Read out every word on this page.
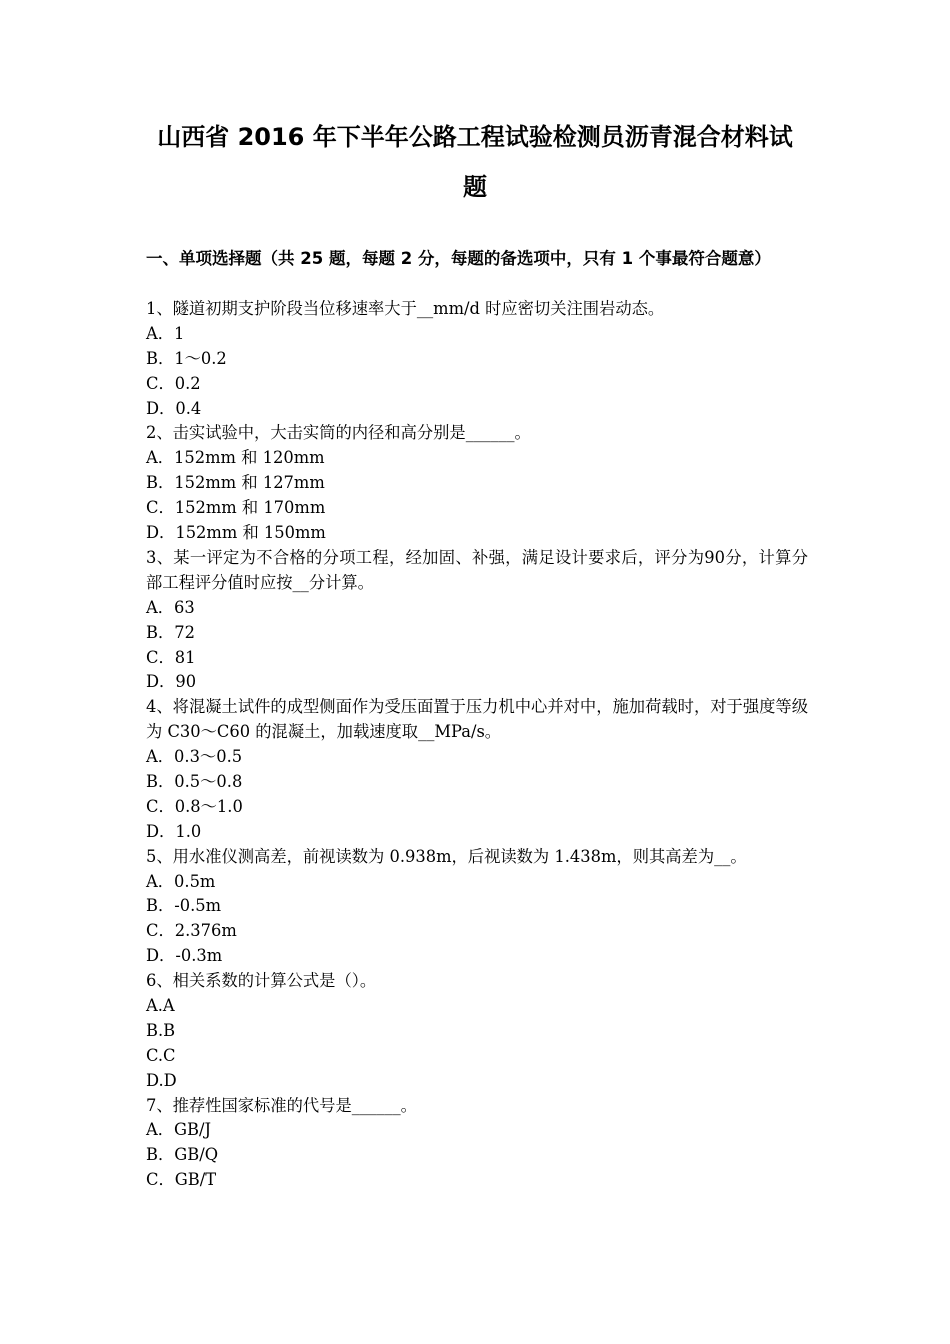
山西省 2016 年下半年公路工程试验检测员沥青混合材料试
题
一、单项选择题（共 25 题，每题 2 分，每题的备选项中，只有 1 个事最符合题意）
1、隧道初期支护阶段当位移速率大于__mm/d 时应密切关注围岩动态。
A．1
B．1～0.2
C．0.2
D．0.4
2、击实试验中，大击实筒的内径和高分别是______。
A．152mm 和 120mm
B．152mm 和 127mm
C．152mm 和 170mm
D．152mm 和 150mm
3、某一评定为不合格的分项工程，经加固、补强，满足设计要求后，评分为90分，计算分部工程评分值时应按__分计算。
A．63
B．72
C．81
D．90
4、将混凝土试件的成型侧面作为受压面置于压力机中心并对中，施加荷载时，对于强度等级为 C30～C60 的混凝土，加载速度取__MPa/s。
A．0.3～0.5
B．0.5～0.8
C．0.8～1.0
D．1.0
5、用水准仪测高差，前视读数为 0.938m，后视读数为 1.438m，则其高差为__。
A．0.5m
B．-0.5m
C．2.376m
D．-0.3m
6、相关系数的计算公式是（）。
A.A
B.B
C.C
D.D
7、推荐性国家标准的代号是______。
A．GB/J
B．GB/Q
C．GB/T
